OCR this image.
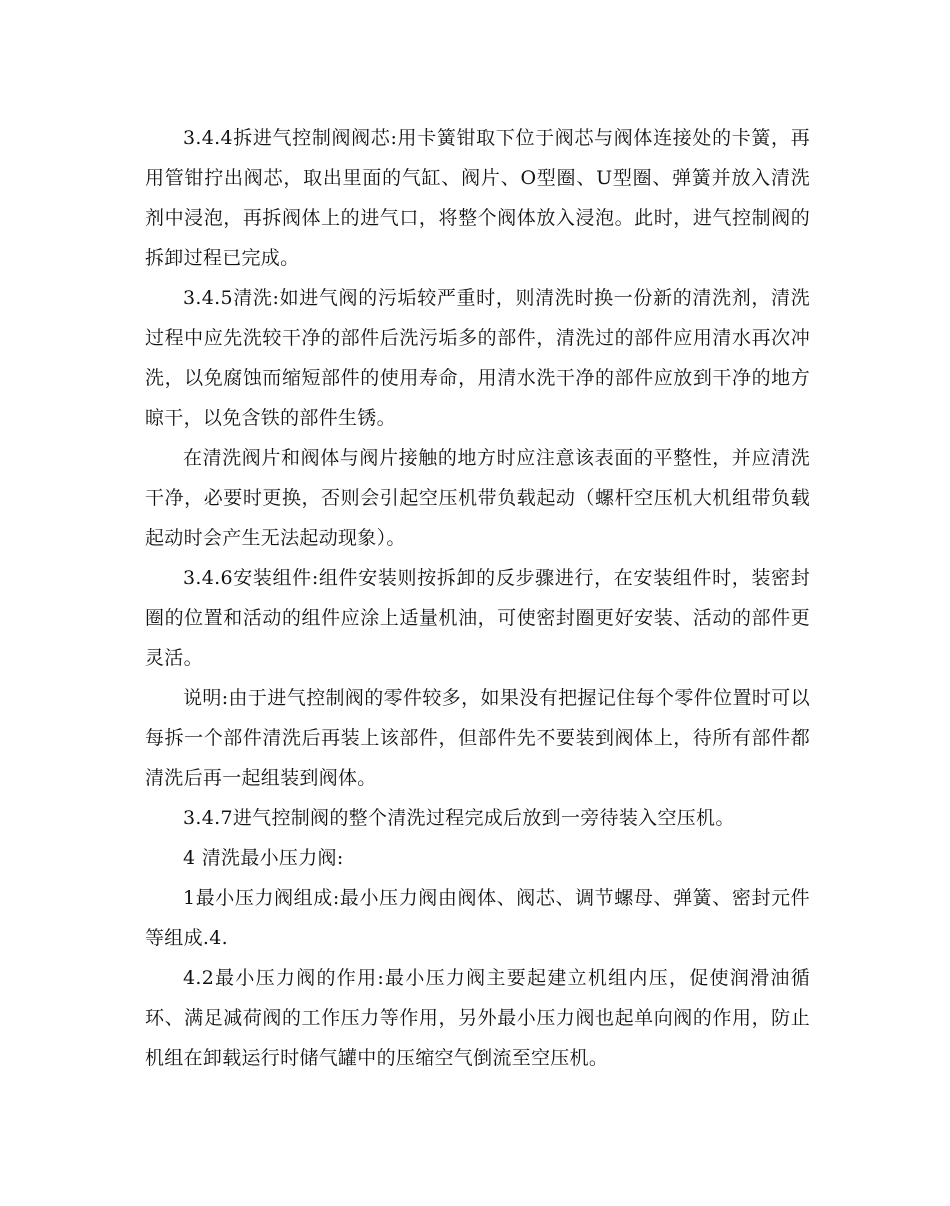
3.4.4拆进气控制阀阀芯:用卡簧钳取下位于阀芯与阀体连接处的卡簧，再用管钳拧出阀芯，取出里面的气缸、阀片、O型圈、U型圈、弹簧并放入清洗剂中浸泡，再拆阀体上的进气口，将整个阀体放入浸泡。此时，进气控制阀的拆卸过程已完成。

3.4.5清洗:如进气阀的污垢较严重时，则清洗时换一份新的清洗剂，清洗过程中应先洗较干净的部件后洗污垢多的部件，清洗过的部件应用清水再次冲洗，以免腐蚀而缩短部件的使用寿命，用清水洗干净的部件应放到干净的地方晾干，以免含铁的部件生锈。

在清洗阀片和阀体与阀片接触的地方时应注意该表面的平整性，并应清洗干净，必要时更换，否则会引起空压机带负载起动（螺杆空压机大机组带负载起动时会产生无法起动现象）。

3.4.6安装组件:组件安装则按拆卸的反步骤进行，在安装组件时，装密封圈的位置和活动的组件应涂上适量机油，可使密封圈更好安装、活动的部件更灵活。

说明:由于进气控制阀的零件较多，如果没有把握记住每个零件位置时可以每拆一个部件清洗后再装上该部件，但部件先不要装到阀体上，待所有部件都清洗后再一起组装到阀体。

3.4.7进气控制阀的整个清洗过程完成后放到一旁待装入空压机。

4 清洗最小压力阀:

1最小压力阀组成:最小压力阀由阀体、阀芯、调节螺母、弹簧、密封元件等组成.4.

4.2最小压力阀的作用:最小压力阀主要起建立机组内压，促使润滑油循环、满足减荷阀的工作压力等作用，另外最小压力阀也起单向阀的作用，防止机组在卸载运行时储气罐中的压缩空气倒流至空压机。
